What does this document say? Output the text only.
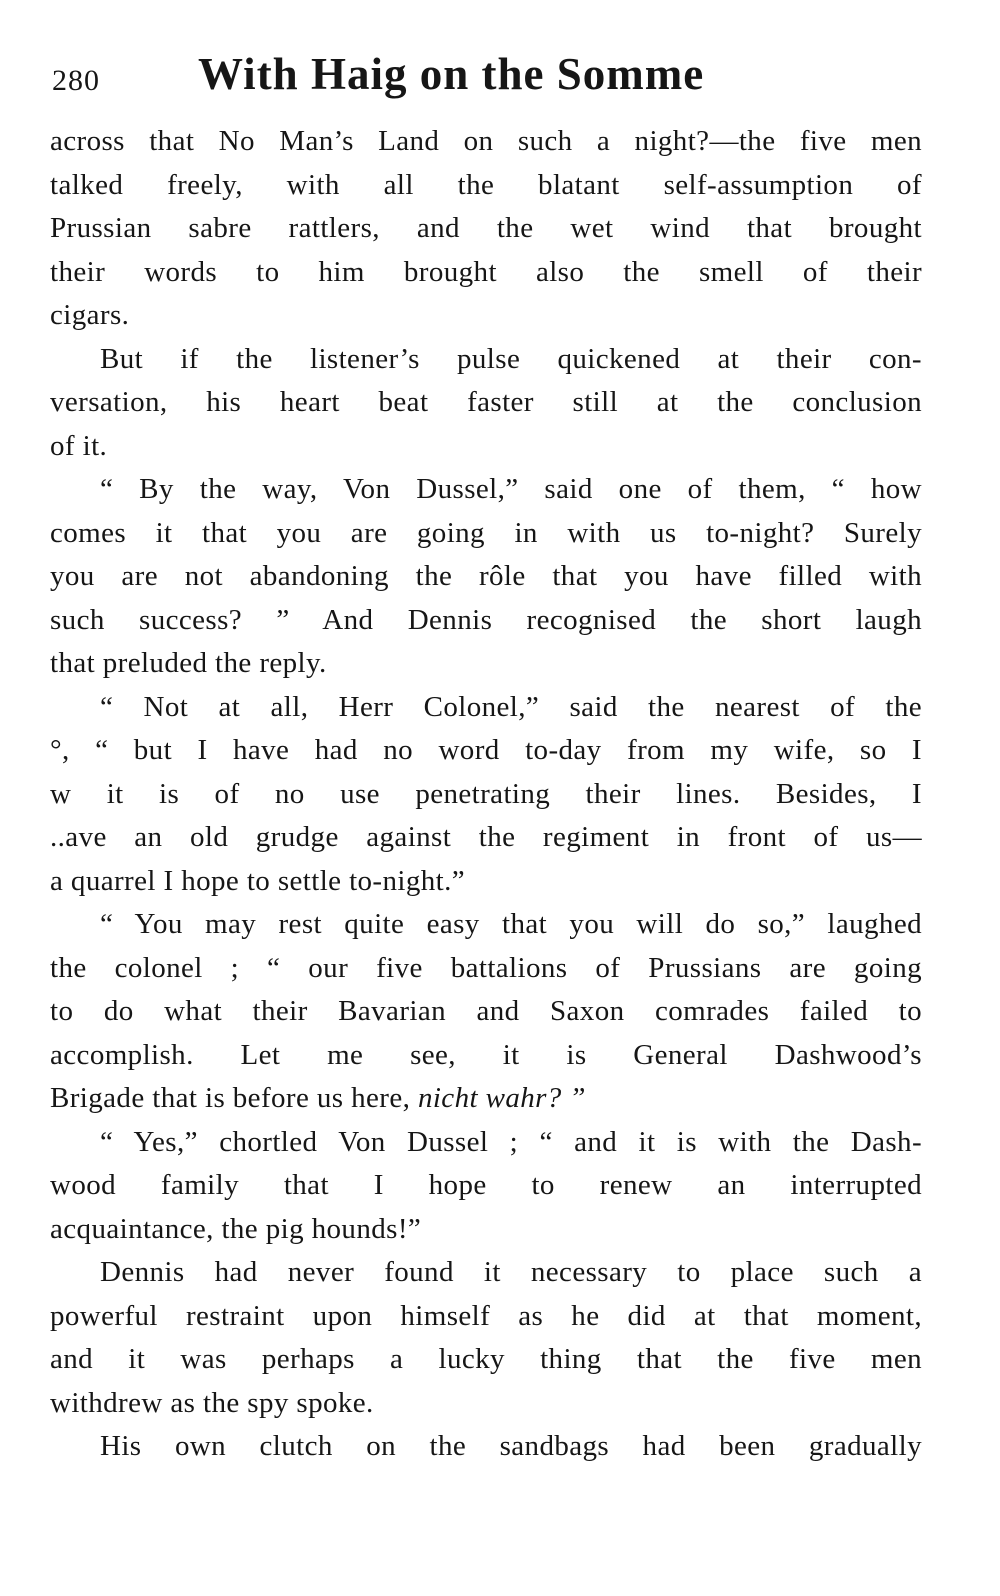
280 With Haig on the Somme
across that No Man’s Land on such a night?—the five men
talked freely, with all the blatant self-assumption of
Prussian sabre rattlers, and the wet wind that brought
their words to him brought also the smell of their
cigars.
But if the listener’s pulse quickened at their con-
versation, his heart beat faster still at the conclusion
of it.
“ By the way, Von Dussel,” said one of them, “ how
comes it that you are going in with us to-night? Surely
you are not abandoning the rôle that you have filled with
such success? ” And Dennis recognised the short laugh
that preluded the reply.
“ Not at all, Herr Colonel,” said the nearest of the
°, “ but I have had no word to-day from my wife, so I
w it is of no use penetrating their lines. Besides, I
..ave an old grudge against the regiment in front of us—
a quarrel I hope to settle to-night.”
“ You may rest quite easy that you will do so,” laughed
the colonel ; “ our five battalions of Prussians are going
to do what their Bavarian and Saxon comrades failed to
accomplish. Let me see, it is General Dashwood’s
Brigade that is before us here, nicht wahr? ”
“ Yes,” chortled Von Dussel ; “ and it is with the Dash-
wood family that I hope to renew an interrupted
acquaintance, the pig hounds!”
Dennis had never found it necessary to place such a
powerful restraint upon himself as he did at that moment,
and it was perhaps a lucky thing that the five men
withdrew as the spy spoke.
His own clutch on the sandbags had been gradually
